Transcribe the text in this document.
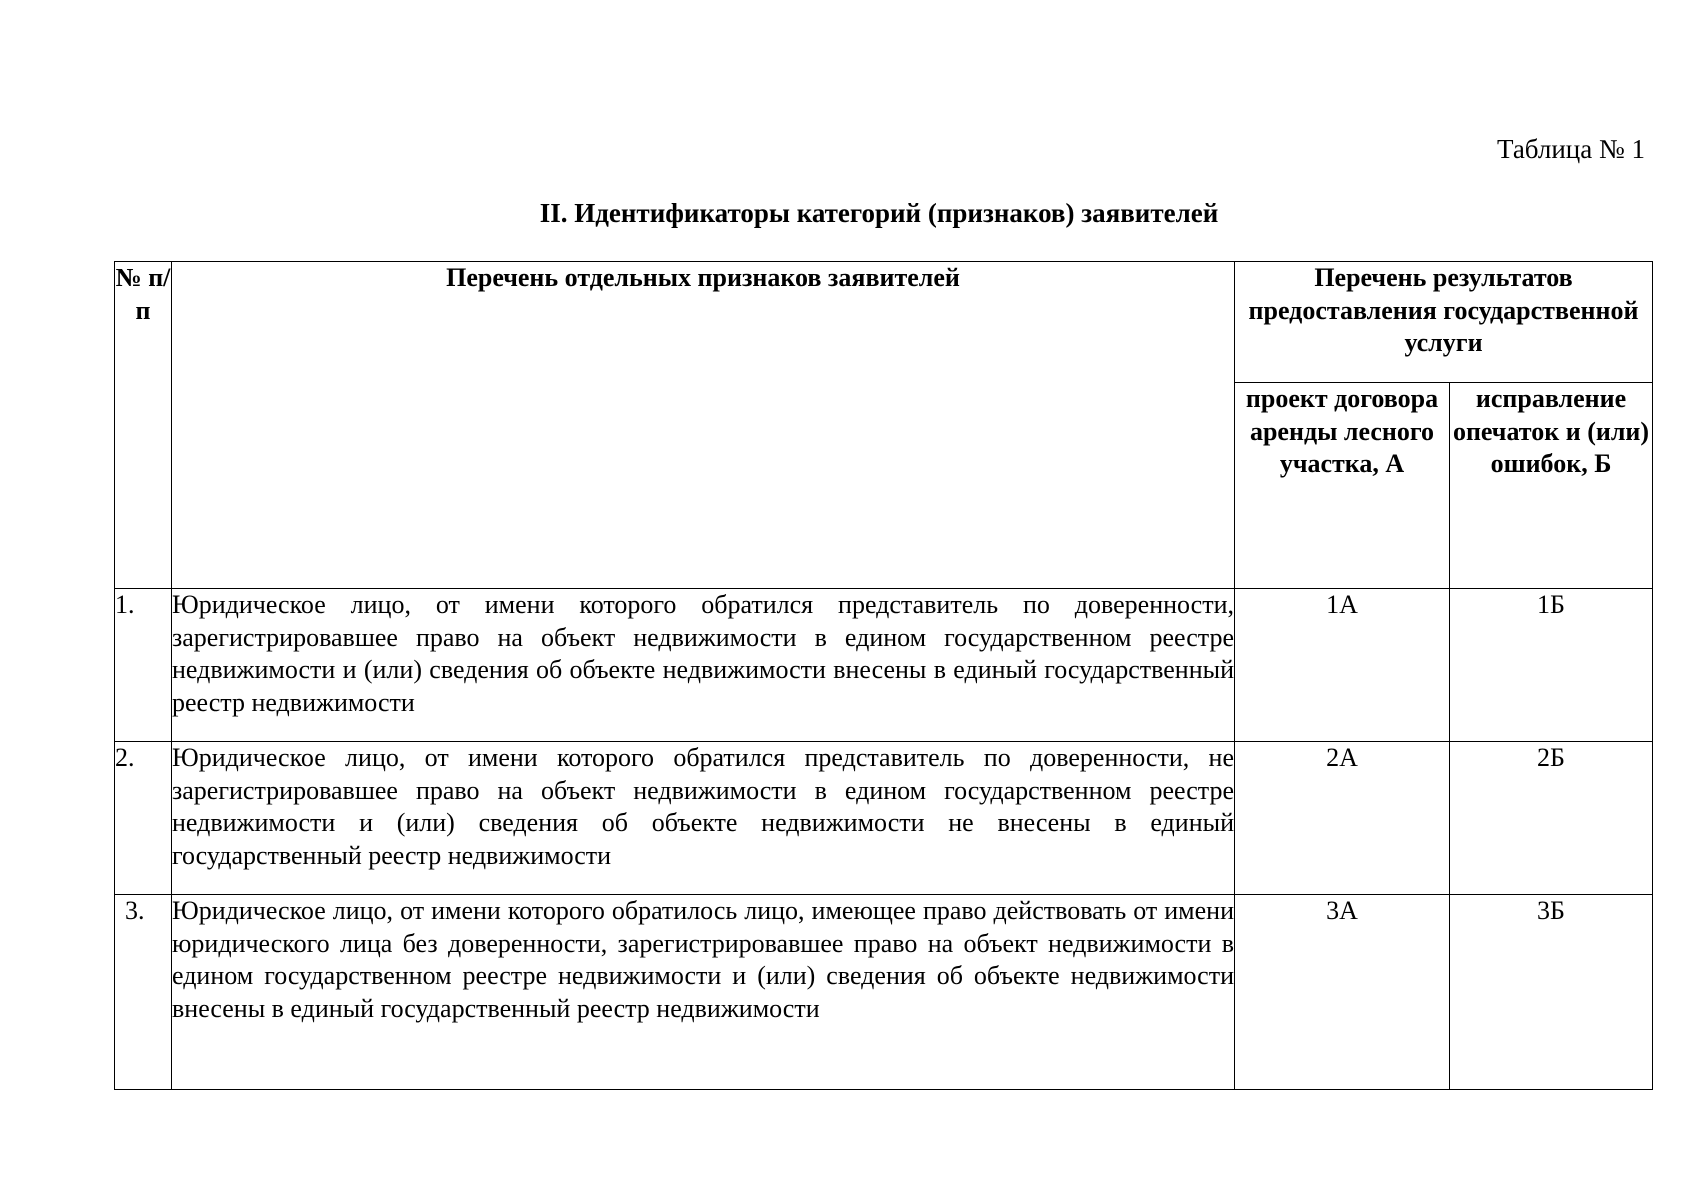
Таблица № 1
II. Идентификаторы категорий (признаков) заявителей
№ п/п	Перечень отдельных признаков заявителей	Перечень результатов предоставления государственной услуги	
		проект договора аренды лесного участка, А	исправление опечаток и (или) ошибок, Б
1.	Юридическое лицо, от имени которого обратился представитель по доверенности, зарегистрировавшее право на объект недвижимости в едином государственном реестре недвижимости и (или) сведения об объекте недвижимости внесены в единый государственный реестр недвижимости	1А	1Б
2.	Юридическое лицо, от имени которого обратился представитель по доверенности, не зарегистрировавшее право на объект недвижимости в едином государственном реестре недвижимости и (или) сведения об объекте недвижимости не внесены в единый государственный реестр недвижимости	2А	2Б
3.	Юридическое лицо, от имени которого обратилось лицо, имеющее право действовать от имени юридического лица без доверенности, зарегистрировавшее право на объект недвижимости в едином государственном реестре недвижимости и (или) сведения об объекте недвижимости внесены в единый государственный реестр недвижимости	3А	3Б
